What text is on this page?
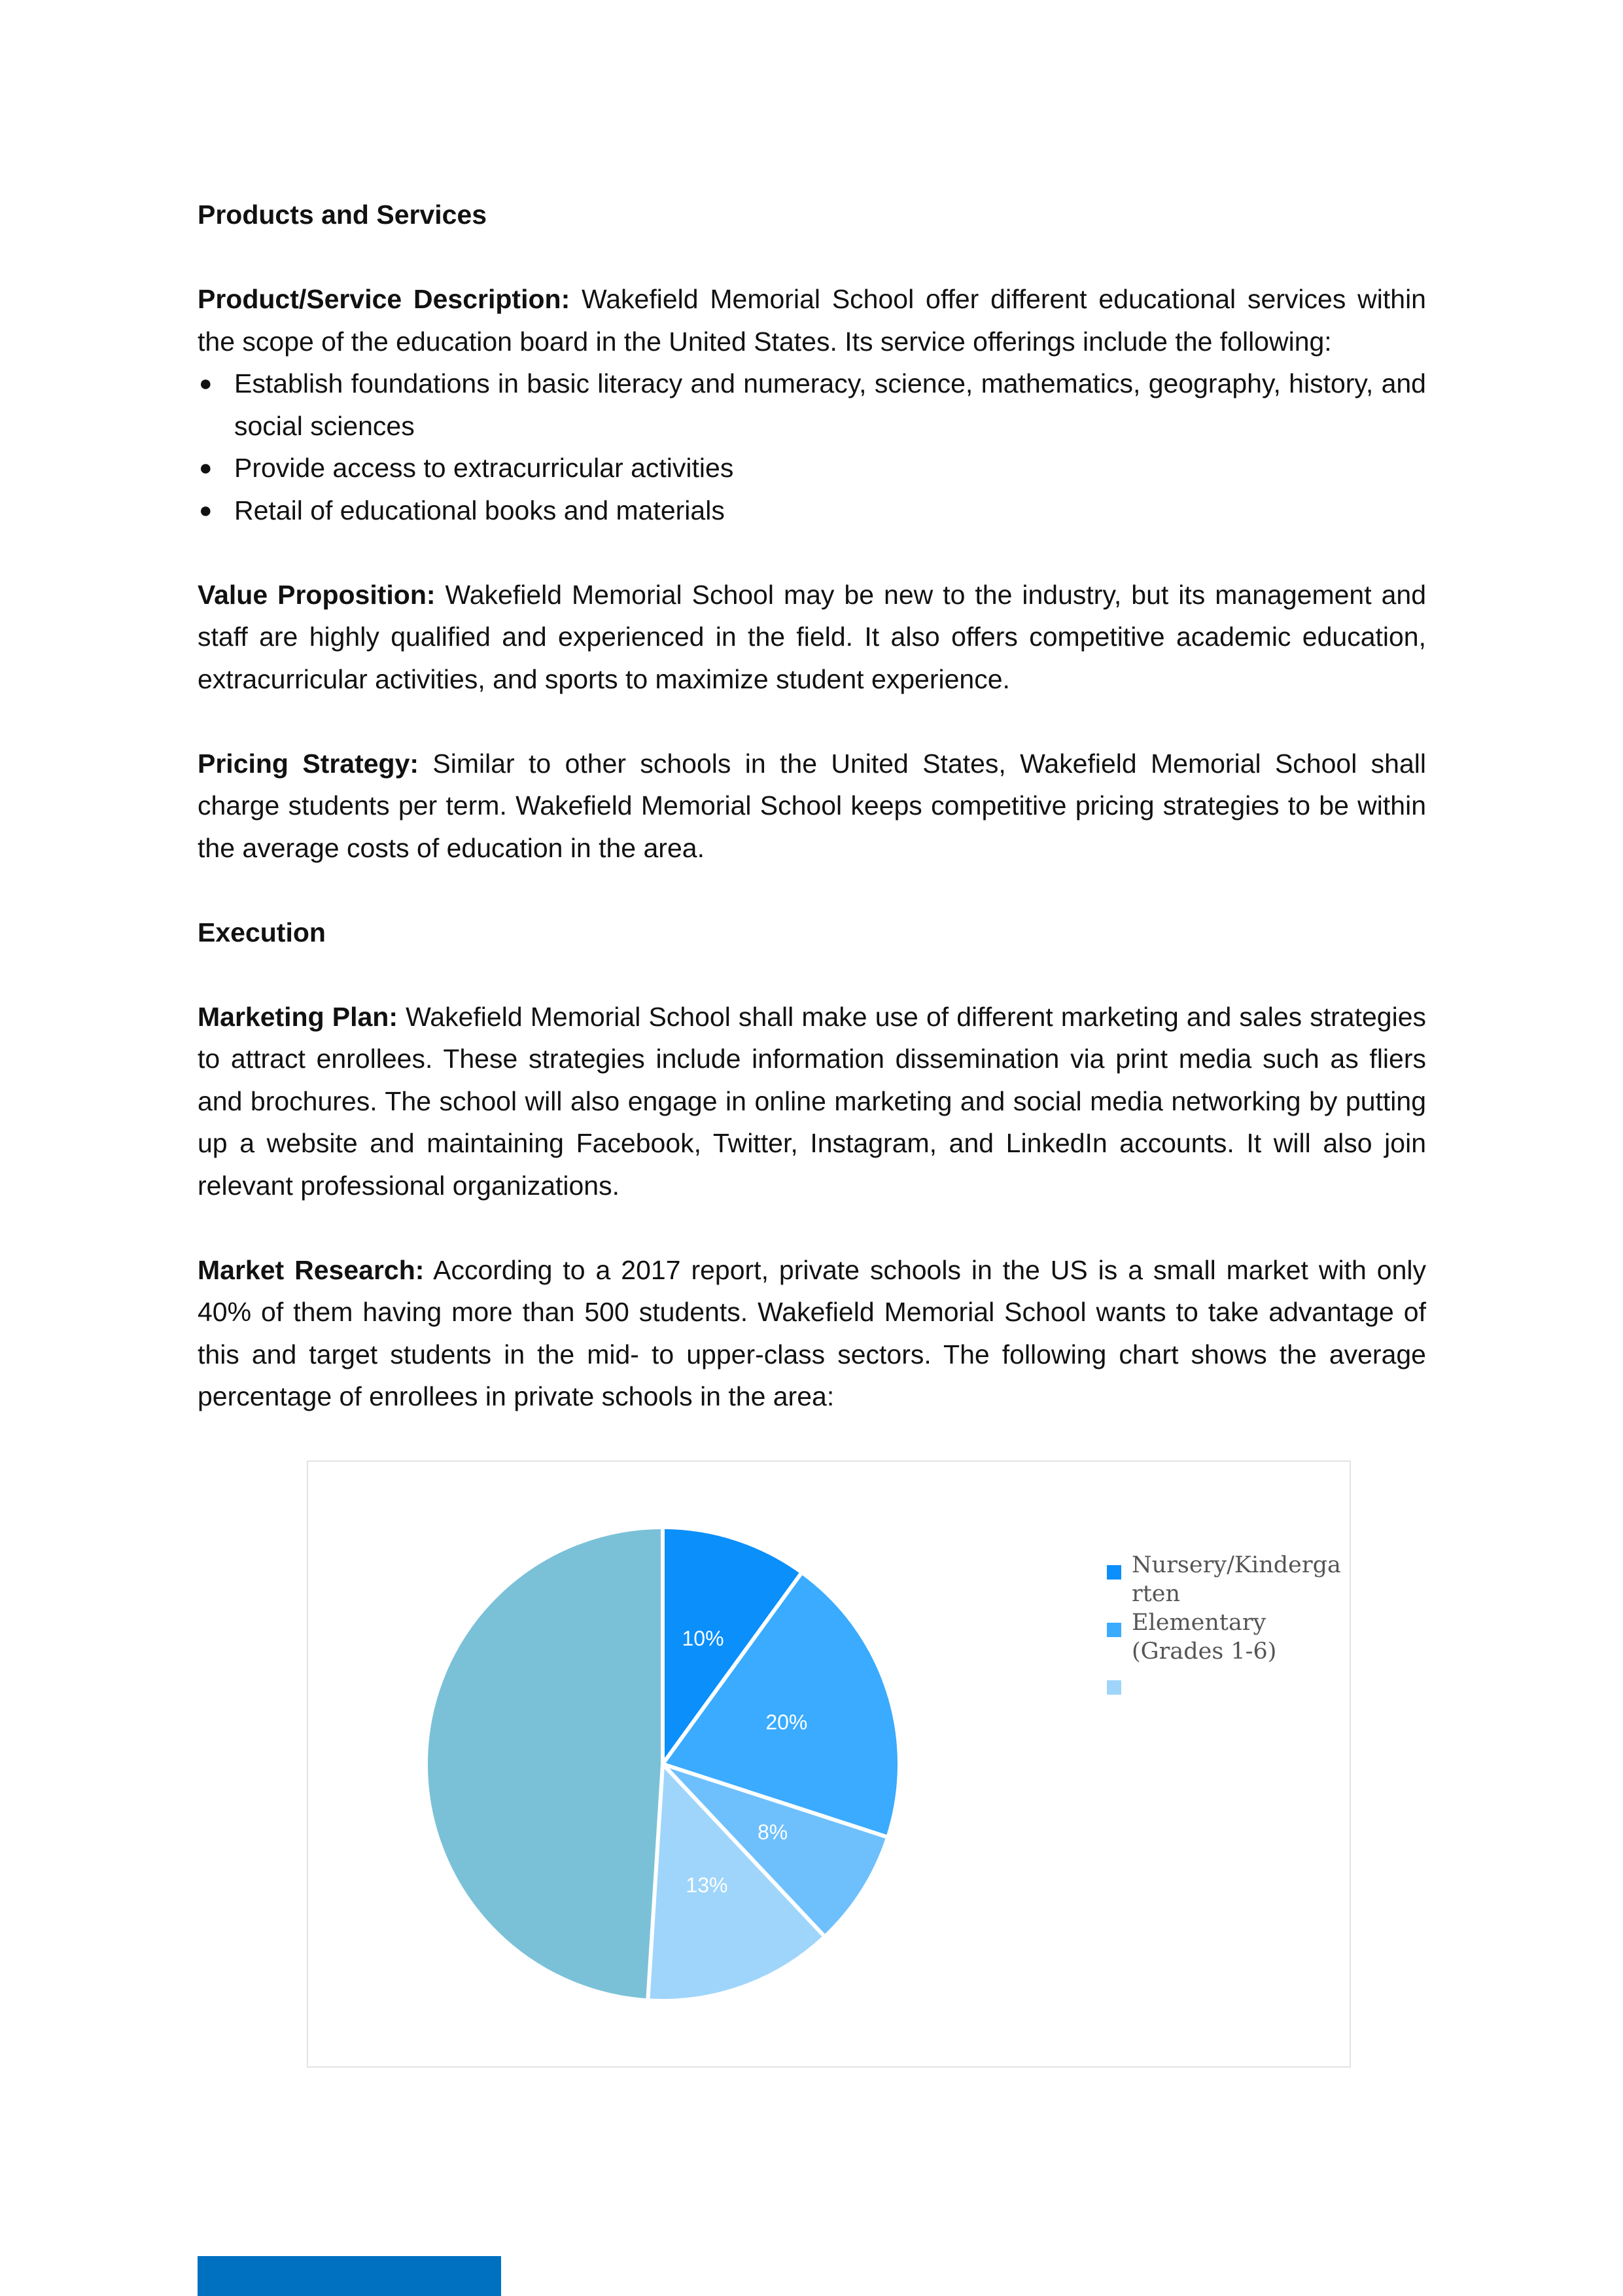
Products and Services

Product/Service Description: Wakefield Memorial School offer different educational services within the scope of the education board in the United States. Its service offerings include the following:

● Establish foundations in basic literacy and numeracy, science, mathematics, geography, history, and social sciences
● Provide access to extracurricular activities
● Retail of educational books and materials

Value Proposition: Wakefield Memorial School may be new to the industry, but its management and staff are highly qualified and experienced in the field. It also offers competitive academic education, extracurricular activities, and sports to maximize student experience.

Pricing Strategy: Similar to other schools in the United States, Wakefield Memorial School shall charge students per term. Wakefield Memorial School keeps competitive pricing strategies to be within the average costs of education in the area.

Execution

Marketing Plan: Wakefield Memorial School shall make use of different marketing and sales strategies to attract enrollees. These strategies include information dissemination via print media such as fliers and brochures. The school will also engage in online marketing and social media networking by putting up a website and maintaining Facebook, Twitter, Instagram, and LinkedIn accounts. It will also join relevant professional organizations.

Market Research: According to a 2017 report, private schools in the US is a small market with only 40% of them having more than 500 students. Wakefield Memorial School wants to take advantage of this and target students in the mid- to upper-class sectors. The following chart shows the average percentage of enrollees in private schools in the area:

10%
20%
8%
13%
Nursery/Kinderga rten
Elementary (Grades 1-6)
